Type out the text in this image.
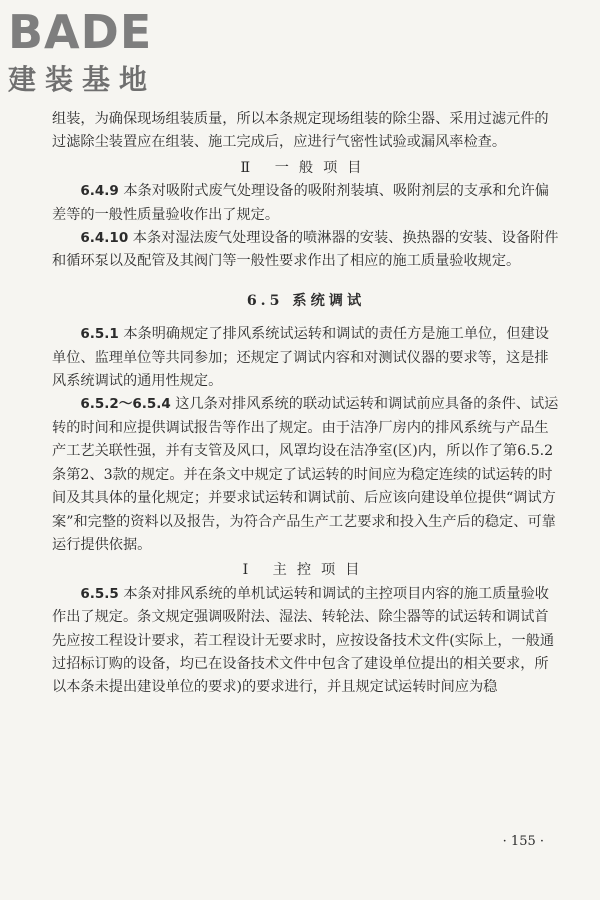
BADE
建装基地

组装，为确保现场组装质量，所以本条规定现场组装的除尘器、采用过滤元件的过滤除尘装置应在组装、施工完成后，应进行气密性试验或漏风率检查。

Ⅱ 一般项目

6.4.9 本条对吸附式废气处理设备的吸附剂装填、吸附剂层的支承和允许偏差等的一般性质量验收作出了规定。

6.4.10 本条对湿法废气处理设备的喷淋器的安装、换热器的安装、设备附件和循环泵以及配管及其阀门等一般性要求作出了相应的施工质量验收规定。

6.5 系统调试

6.5.1 本条明确规定了排风系统试运转和调试的责任方是施工单位，但建设单位、监理单位等共同参加；还规定了调试内容和对测试仪器的要求等，这是排风系统调试的通用性规定。

6.5.2～6.5.4 这几条对排风系统的联动试运转和调试前应具备的条件、试运转的时间和应提供调试报告等作出了规定。由于洁净厂房内的排风系统与产品生产工艺关联性强，并有支管及风口，风罩均设在洁净室(区)内，所以作了第6.5.2条第2、3款的规定。并在条文中规定了试运转的时间应为稳定连续的试运转的时间及其具体的量化规定；并要求试运转和调试前、后应该向建设单位提供“调试方案”和完整的资料以及报告，为符合产品生产工艺要求和投入生产后的稳定、可靠运行提供依据。

Ⅰ 主控项目

6.5.5 本条对排风系统的单机试运转和调试的主控项目内容的施工质量验收作出了规定。条文规定强调吸附法、湿法、转轮法、除尘器等的试运转和调试首先应按工程设计要求，若工程设计无要求时，应按设备技术文件(实际上，一般通过招标订购的设备，均已在设备技术文件中包含了建设单位提出的相关要求，所以本条未提出建设单位的要求)的要求进行，并且规定试运转时间应为稳

· 155 ·
